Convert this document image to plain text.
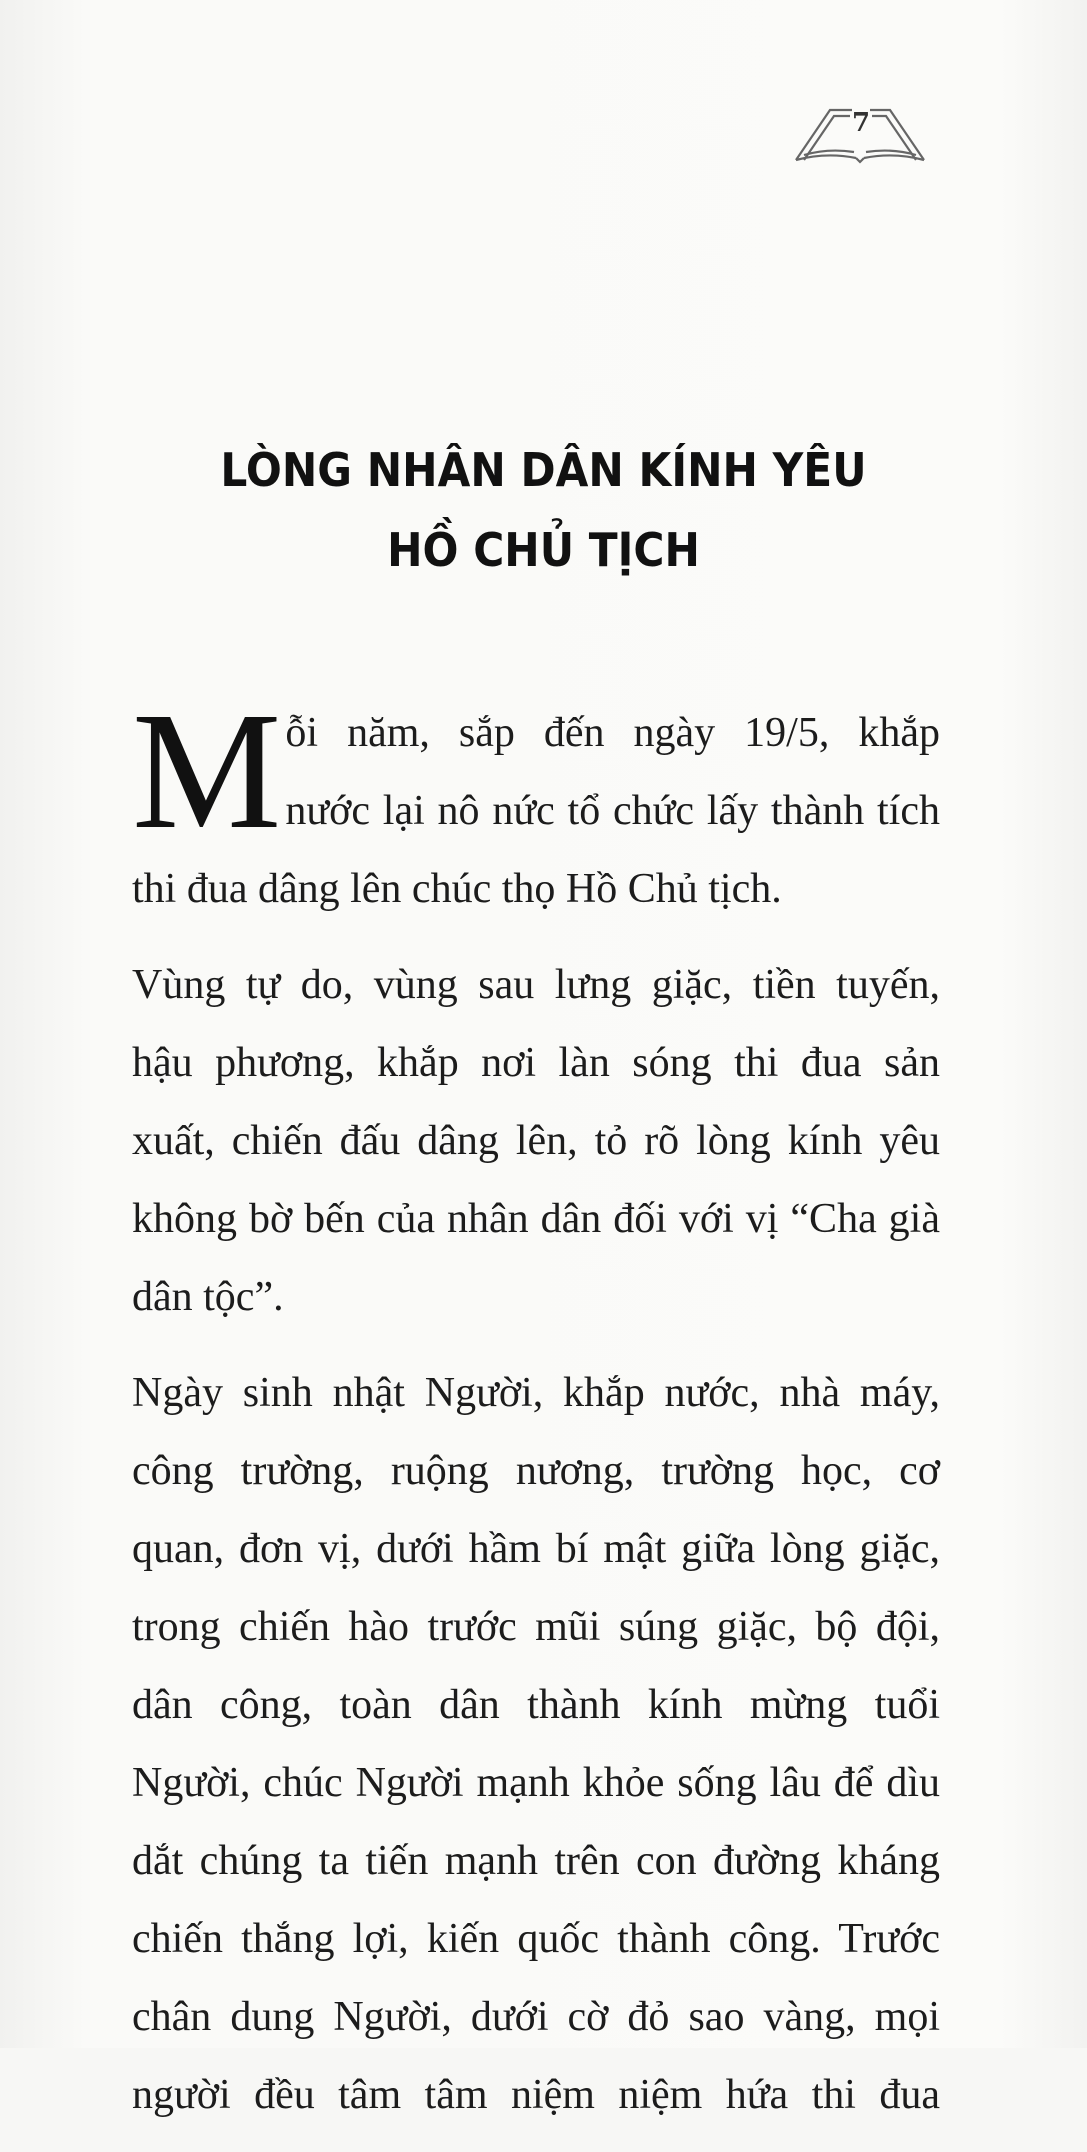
7
LÒNG NHÂN DÂN KÍNH YÊU
HỒ CHỦ TỊCH
M ỗi năm, sắp đến ngày 19/5, khắp
nước lại nô nức tổ chức lấy thành tích
thi đua dâng lên chúc thọ Hồ Chủ tịch.
Vùng tự do, vùng sau lưng giặc, tiền tuyến,
hậu phương, khắp nơi làn sóng thi đua sản
xuất, chiến đấu dâng lên, tỏ rõ lòng kính yêu
không bờ bến của nhân dân đối với vị “Cha già
dân tộc”.
Ngày sinh nhật Người, khắp nước, nhà máy,
công trường, ruộng nương, trường học, cơ
quan, đơn vị, dưới hầm bí mật giữa lòng giặc,
trong chiến hào trước mũi súng giặc, bộ đội,
dân công, toàn dân thành kính mừng tuổi
Người, chúc Người mạnh khỏe sống lâu để dìu
dắt chúng ta tiến mạnh trên con đường kháng
chiến thắng lợi, kiến quốc thành công. Trước
chân dung Người, dưới cờ đỏ sao vàng, mọi
người đều tâm tâm niệm niệm hứa thi đua
